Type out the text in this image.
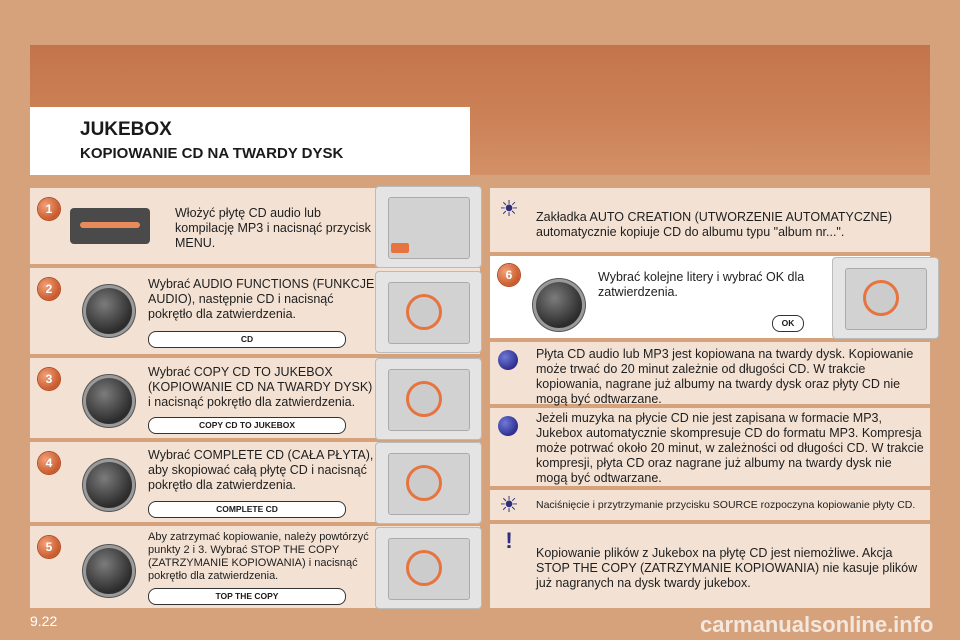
JUKEBOX
KOPIOWANIE CD NA TWARDY DYSK
1	Włożyć płytę CD audio lub kompilację MP3 i nacisnąć przycisk MENU.
2	Wybrać AUDIO FUNCTIONS (FUNKCJE AUDIO), następnie CD i nacisnąć pokrętło dla zatwierdzenia.
CD
3	Wybrać COPY CD TO JUKEBOX (KOPIOWANIE CD NA TWARDY DYSK) i nacisnąć pokrętło dla zatwierdzenia.
COPY CD TO JUKEBOX
4
Wybrać COMPLETE CD (CAŁA PŁYTA), aby skopiować całą płytę CD i nacisnąć pokrętło dla zatwierdzenia.
COMPLETE CD
5
Aby zatrzymać kopiowanie, należy powtórzyć punkty 2 i 3. Wybrać STOP THE COPY (ZATRZYMANIE KOPIOWANIA) i nacisnąć pokrętło dla zatwierdzenia.
TOP THE COPY
☀ Zakładka AUTO CREATION (UTWORZENIE AUTOMATYCZNE) automatycznie kopiuje CD do albumu typu "album nr...".
6	Wybrać kolejne litery i wybrać OK dla zatwierdzenia.
OK
Płyta CD audio lub MP3 jest kopiowana na twardy dysk. Kopiowanie może trwać do 20 minut zależnie od długości CD. W trakcie kopiowania, nagrane już albumy na twardy dysk oraz płyty CD nie mogą być odtwarzane.
Jeżeli muzyka na płycie CD nie jest zapisana w formacie MP3, Jukebox automatycznie skompresuje CD do formatu MP3. Kompresja może potrwać około 20 minut, w zależności od długości CD. W trakcie kompresji, płyta CD oraz nagrane już albumy na twardy dysk nie mogą być odtwarzane.
☀ Naciśnięcie i przytrzymanie przycisku SOURCE rozpoczyna kopiowanie płyty CD.
!	Kopiowanie plików z Jukebox na płytę CD jest niemożliwe. Akcja STOP THE COPY (ZATRZYMANIE KOPIOWANIA) nie kasuje plików już nagranych na dysk twardy jukebox.
9.22	carmanualsonline.info
